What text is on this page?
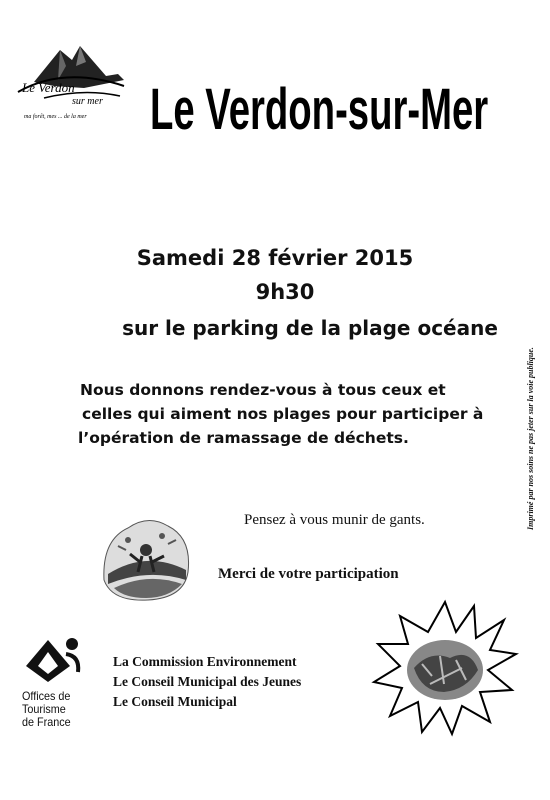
Le Verdon
sur mer
ma forêt, mes ... de la mer Le Verdon-sur-Mer

Samedi 28 février 2015

9h30

sur le parking de la plage océane

Nous donnons rendez-vous à tous ceux et

celles qui aiment nos plages pour participer à

l’opération de ramassage de déchets.	Imprimé par nos soins ne pas jeter sur la voie publique.

Pensez à vous munir de gants.

Merci de votre participation

Offices de
Tourisme
de France
La Commission Environnement
Le Conseil Municipal des Jeunes
Le Conseil Municipal
